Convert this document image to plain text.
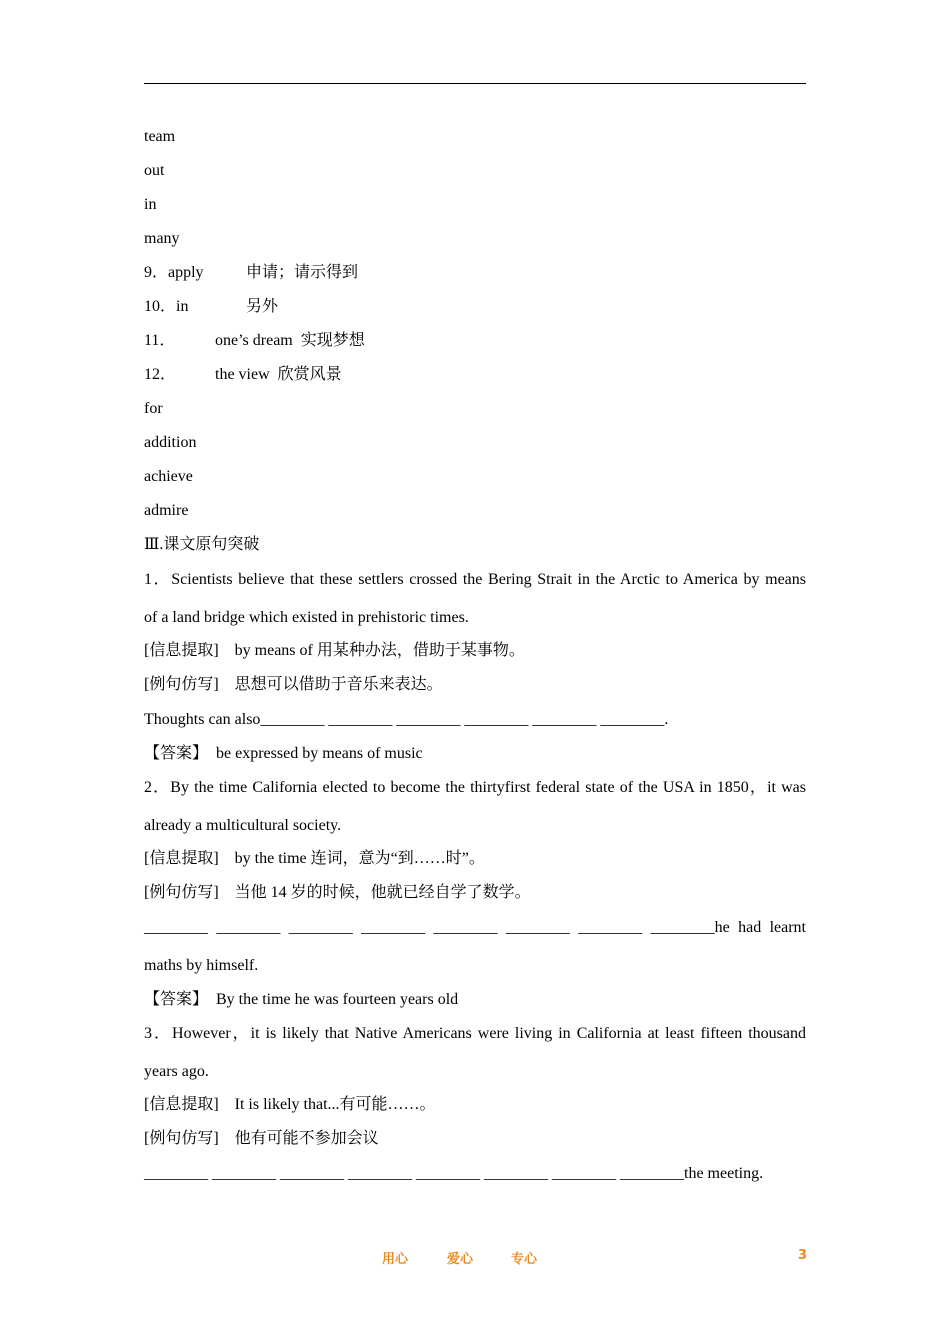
team
out
in
many
9．apply	申请；请示得到
10．in	另外
11． one’s dream  实现梦想
12． the view  欣赏风景
for
addition
achieve
admire
Ⅲ.课文原句突破
1．Scientists believe that these settlers crossed the Bering Strait in the Arctic to America by means
of a land bridge which existed in prehistoric times.
[信息提取]　by means of 用某种办法，借助于某事物。
[例句仿写]　思想可以借助于音乐来表达。
Thoughts can also________ ________ ________ ________ ________ ________.
【答案】　be expressed by means of music
2．By the time California elected to become the thirtyfirst federal state of the USA in 1850，it was
already a multicultural society.
[信息提取]　by the time 连词，意为“到……时”。
[例句仿写]　当他 14 岁的时候，他就已经自学了数学。
________ ________ ________ ________ ________ ________ ________ ________he had learnt
maths by himself.
【答案】　By the time he was fourteen years old
3．However，it is likely that Native Americans were living in California at least fifteen thousand
years ago.
[信息提取]　It is likely that...有可能……。
[例句仿写]　他有可能不参加会议
________ ________ ________ ________ ________ ________ ________ ________the meeting.
用心	爱心	专心	3
